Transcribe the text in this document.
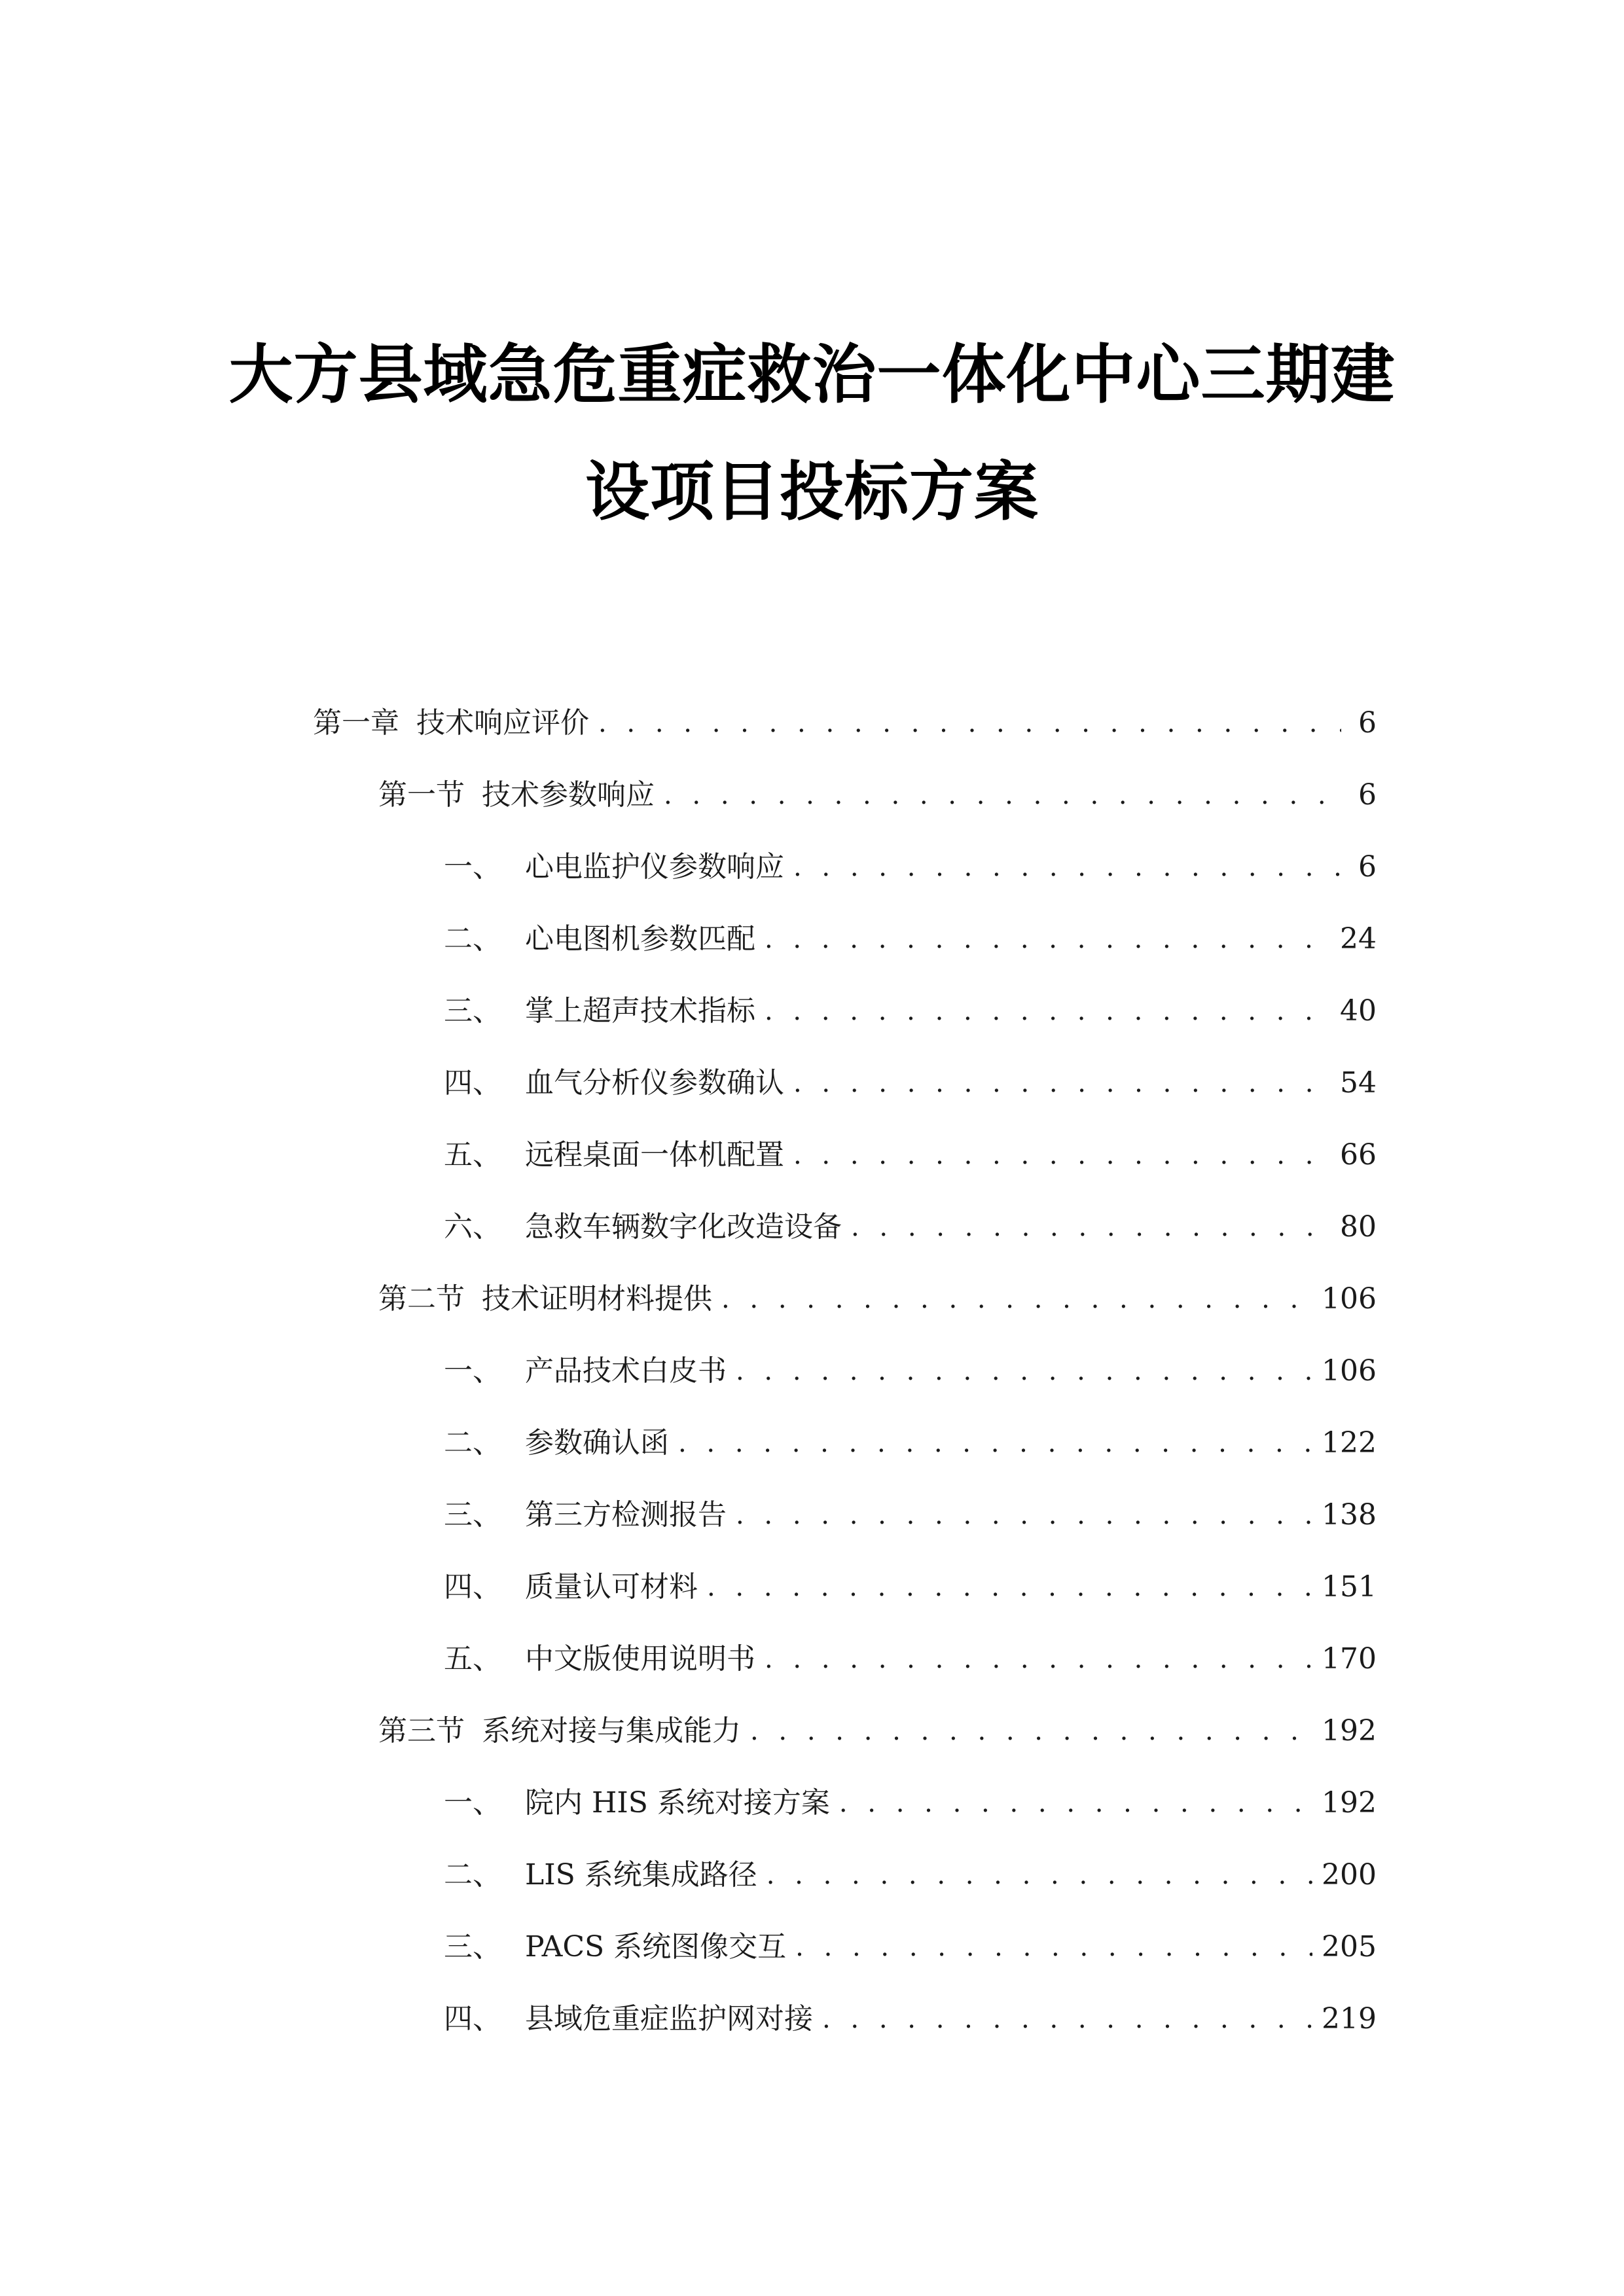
大方县域急危重症救治一体化中心三期建
设项目投标方案
第一章 技术响应评价 . . .	6
第一节 技术参数响应 . . .	6
一、 心电监护仪参数响应 . . .	6
二、 心电图机参数匹配 . . .	24
三、 掌上超声技术指标 . . .	40
四、 血气分析仪参数确认 . . .	54
五、 远程桌面一体机配置 . . .	66
六、 急救车辆数字化改造设备 . . .	80
第二节 技术证明材料提供 . . .	106
一、 产品技术白皮书 . . .	106
二、 参数确认函 . . .	122
三、 第三方检测报告 . . .	138
四、 质量认可材料 . . .	151
五、 中文版使用说明书 . . .	170
第三节 系统对接与集成能力 . . .	192
一、 院内 HIS 系统对接方案 . . .	192
二、 LIS 系统集成路径 . . .	200
三、 PACS 系统图像交互 . . .	205
四、 县域危重症监护网对接 . . .	219
